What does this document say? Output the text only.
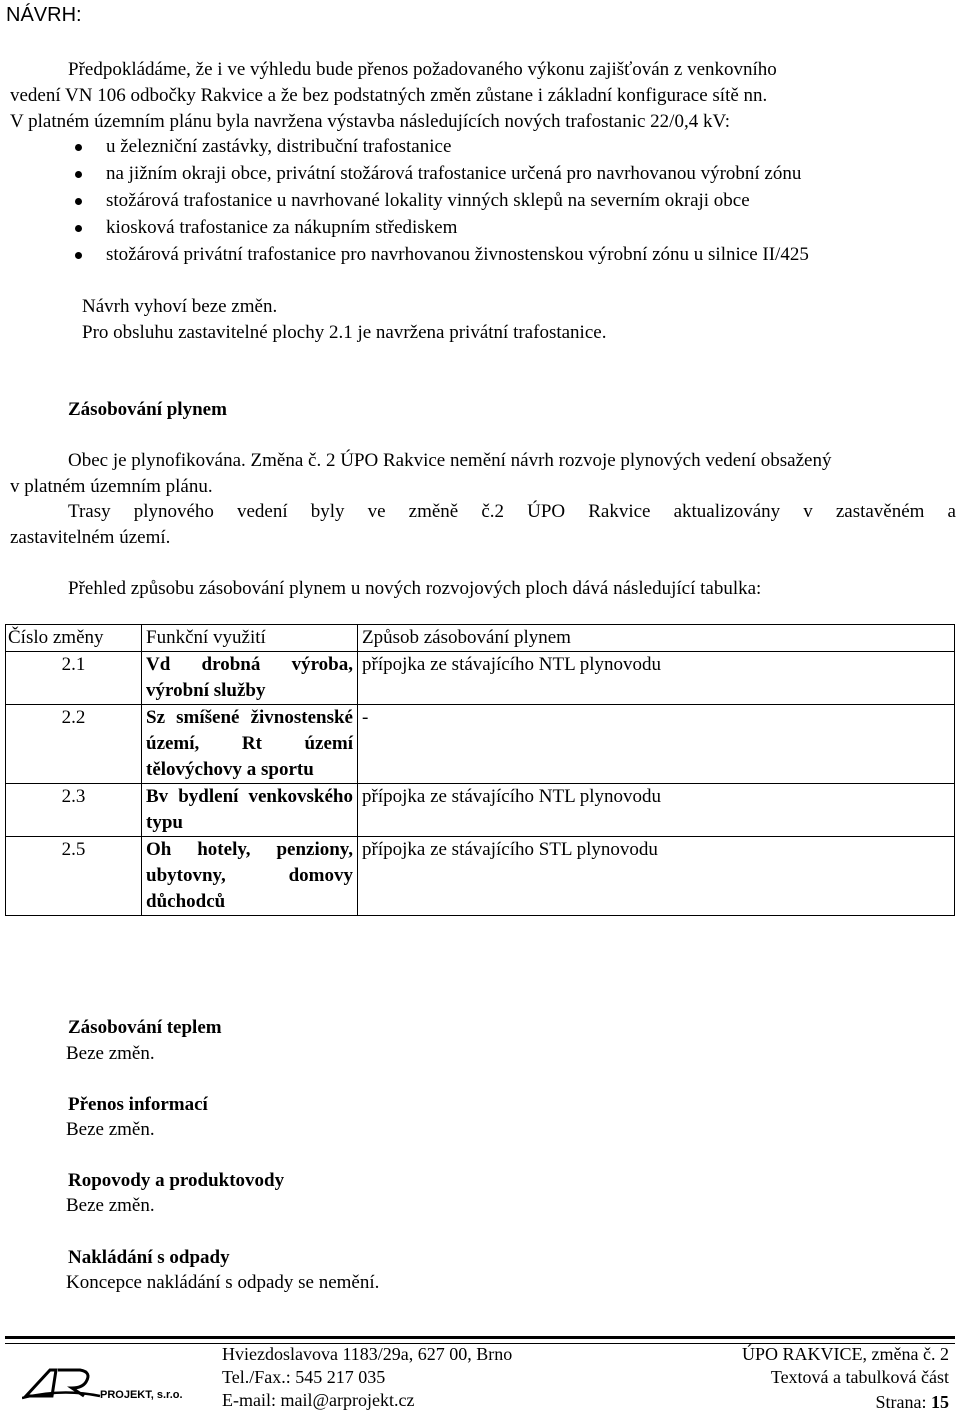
NÁVRH:
Předpokládáme, že i ve výhledu bude přenos požadovaného výkonu zajišťován z venkovního
vedení VN 106 odbočky Rakvice a že bez podstatných změn zůstane i základní konfigurace sítě nn.
V platném územním plánu byla navržena výstavba následujících nových trafostanic 22/0,4 kV:
u železniční zastávky, distribuční trafostanice
na jižním okraji obce, privátní stožárová trafostanice určená pro navrhovanou výrobní zónu
stožárová trafostanice u navrhované lokality vinných sklepů na severním okraji obce
kiosková trafostanice za nákupním střediskem
stožárová privátní trafostanice pro navrhovanou živnostenskou výrobní zónu u silnice II/425
Návrh vyhoví beze změn.
Pro obsluhu zastavitelné plochy 2.1 je navržena privátní trafostanice.
Zásobování plynem
Obec je plynofikována. Změna č. 2 ÚPO Rakvice nemění návrh rozvoje plynových vedení obsažený
v platném územním plánu.
Trasy plynového vedení byly ve změně č.2 ÚPO Rakvice aktualizovány v zastavěném a
zastavitelném území.
Přehled způsobu zásobování plynem u nových rozvojových ploch dává následující tabulka:
Číslo změny	Funkční využití	Způsob zásobování plynem
2.1	Vd drobná výroba, výrobní služby	přípojka ze stávajícího NTL plynovodu
2.2	Sz smíšené živnostenské území, Rt území tělovýchovy a sportu	-
2.3	Bv bydlení venkovského typu	přípojka ze stávajícího NTL plynovodu
2.5	Oh hotely, penziony, ubytovny, domovy důchodců	přípojka ze stávajícího STL plynovodu
Zásobování teplem
Beze změn.
Přenos informací
Beze změn.
Ropovody a produktovody
Beze změn.
Nakládání s odpady
Koncepce nakládání s odpady se nemění.
PROJEKT, s.r.o.
Hviezdoslavova 1183/29a, 627 00, Brno
Tel./Fax.: 545 217 035
E-mail: mail@arprojekt.cz
ÚPO RAKVICE, změna č. 2
Textová a tabulková část
Strana: 15
